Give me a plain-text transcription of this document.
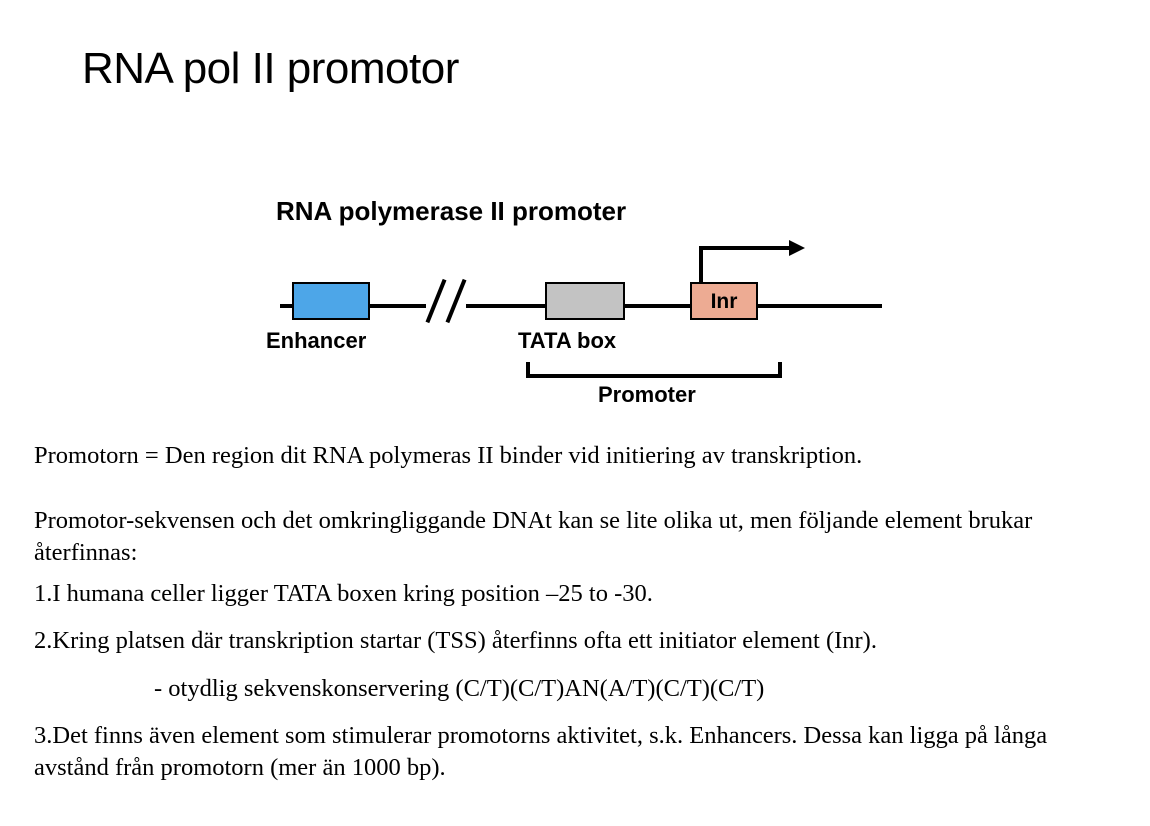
RNA pol II promotor
RNA polymerase II promoter
Inr
Enhancer	TATA box
Promoter

Promotorn = Den region dit RNA polymeras II binder vid initiering av transkription.

Promotor-sekvensen och det omkringliggande DNAt kan se lite olika ut, men följande element brukar återfinnas:

1.I humana celler ligger TATA boxen kring position –25 to -30.

2.Kring platsen där transkription startar (TSS) återfinns ofta ett initiator element (Inr).

- otydlig sekvenskonservering (C/T)(C/T)AN(A/T)(C/T)(C/T)

3.Det finns även element som stimulerar promotorns aktivitet, s.k. Enhancers. Dessa kan ligga på långa avstånd från promotorn (mer än 1000 bp).
